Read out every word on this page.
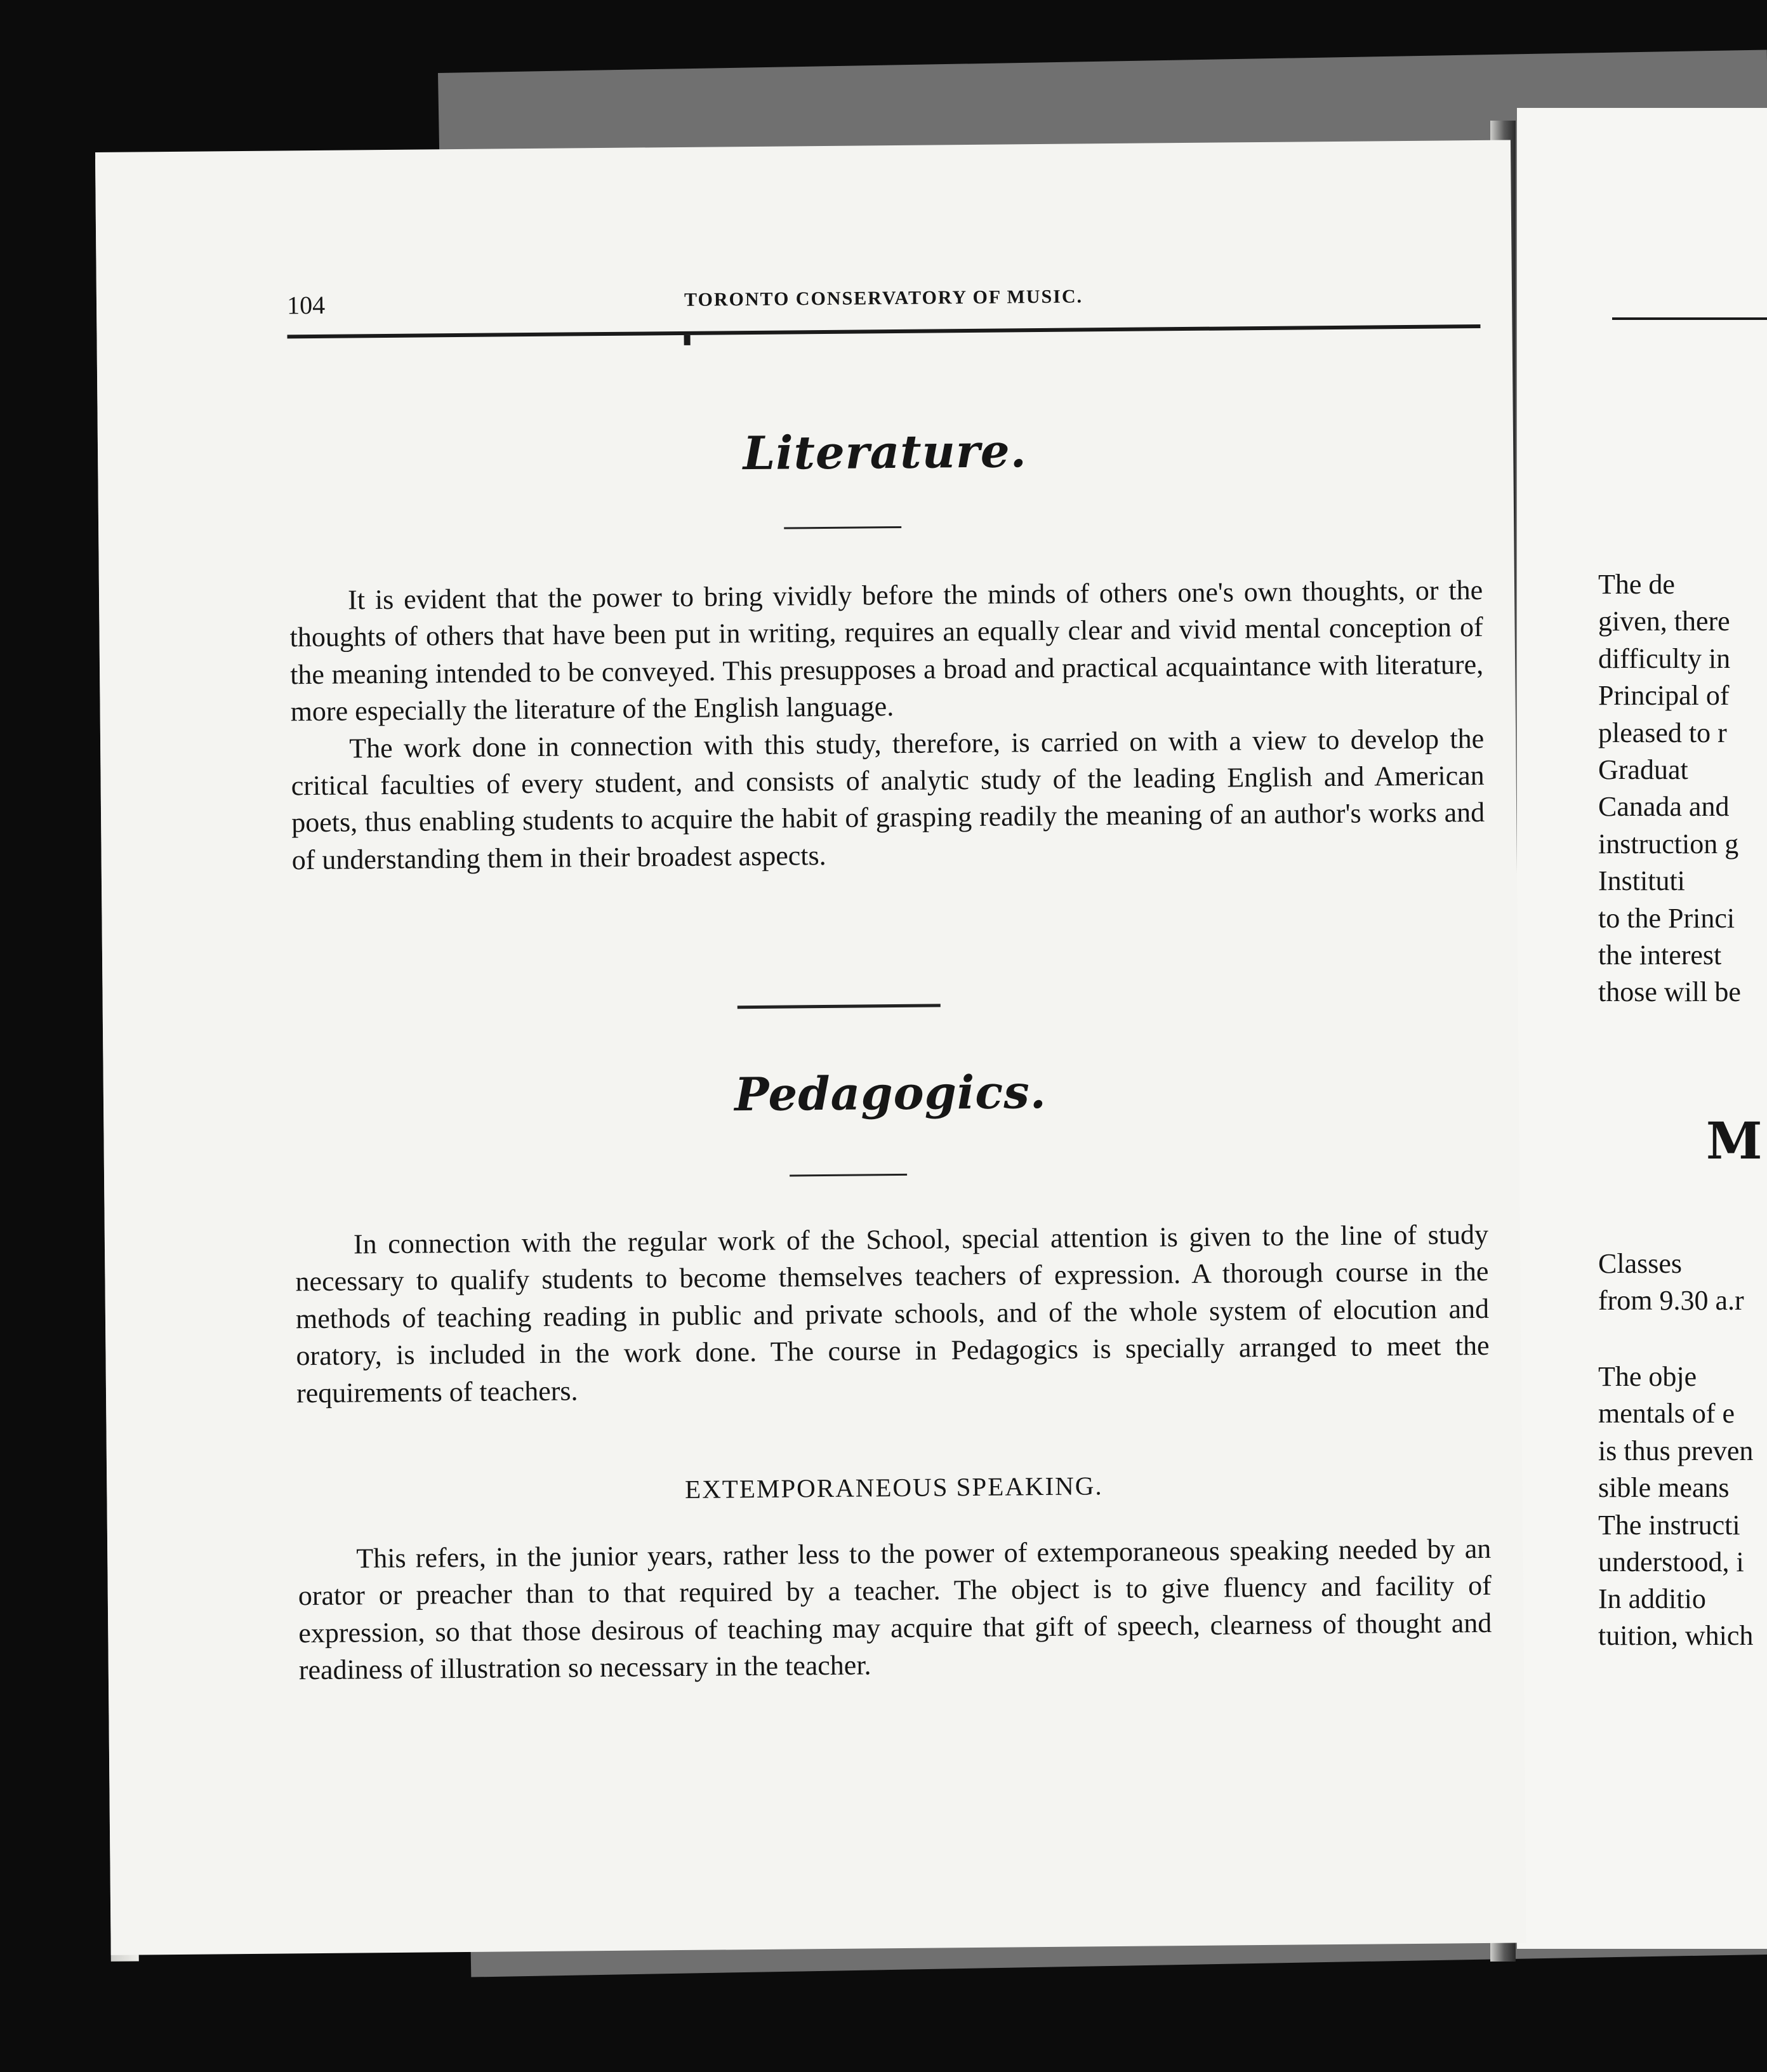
The de
given, there
difficulty in
Principal of
pleased to r
Graduat
Canada and
instruction g
Instituti
to the Princi
the interest
those will be
M
Classes
from 9.30 a.r
The obje
mentals of e
is thus preven
sible means
The instructi
understood, i
In additio
tuition, which
104	TORONTO CONSERVATORY OF MUSIC.
Literature.

It is evident that the power to bring vividly before the minds of others one's own thoughts, or the thoughts of others that have been put in writing, requires an equally clear and vivid mental conception of the meaning intended to be conveyed. This presupposes a broad and practical acquaintance with literature, more especially the literature of the English language.

The work done in connection with this study, therefore, is carried on with a view to develop the critical faculties of every student, and consists of analytic study of the leading English and American poets, thus enabling students to acquire the habit of grasping readily the meaning of an author's works and of understanding them in their broadest aspects.

Pedagogics.

In connection with the regular work of the School, special attention is given to the line of study necessary to qualify students to become themselves teachers of expression. A thorough course in the methods of teaching reading in public and private schools, and of the whole system of elocution and oratory, is included in the work done. The course in Pedagogics is specially arranged to meet the requirements of teachers.

EXTEMPORANEOUS SPEAKING.

This refers, in the junior years, rather less to the power of extemporaneous speaking needed by an orator or preacher than to that required by a teacher. The object is to give fluency and facility of expression, so that those desirous of teaching may acquire that gift of speech, clearness of thought and readiness of illustration so necessary in the teacher.
